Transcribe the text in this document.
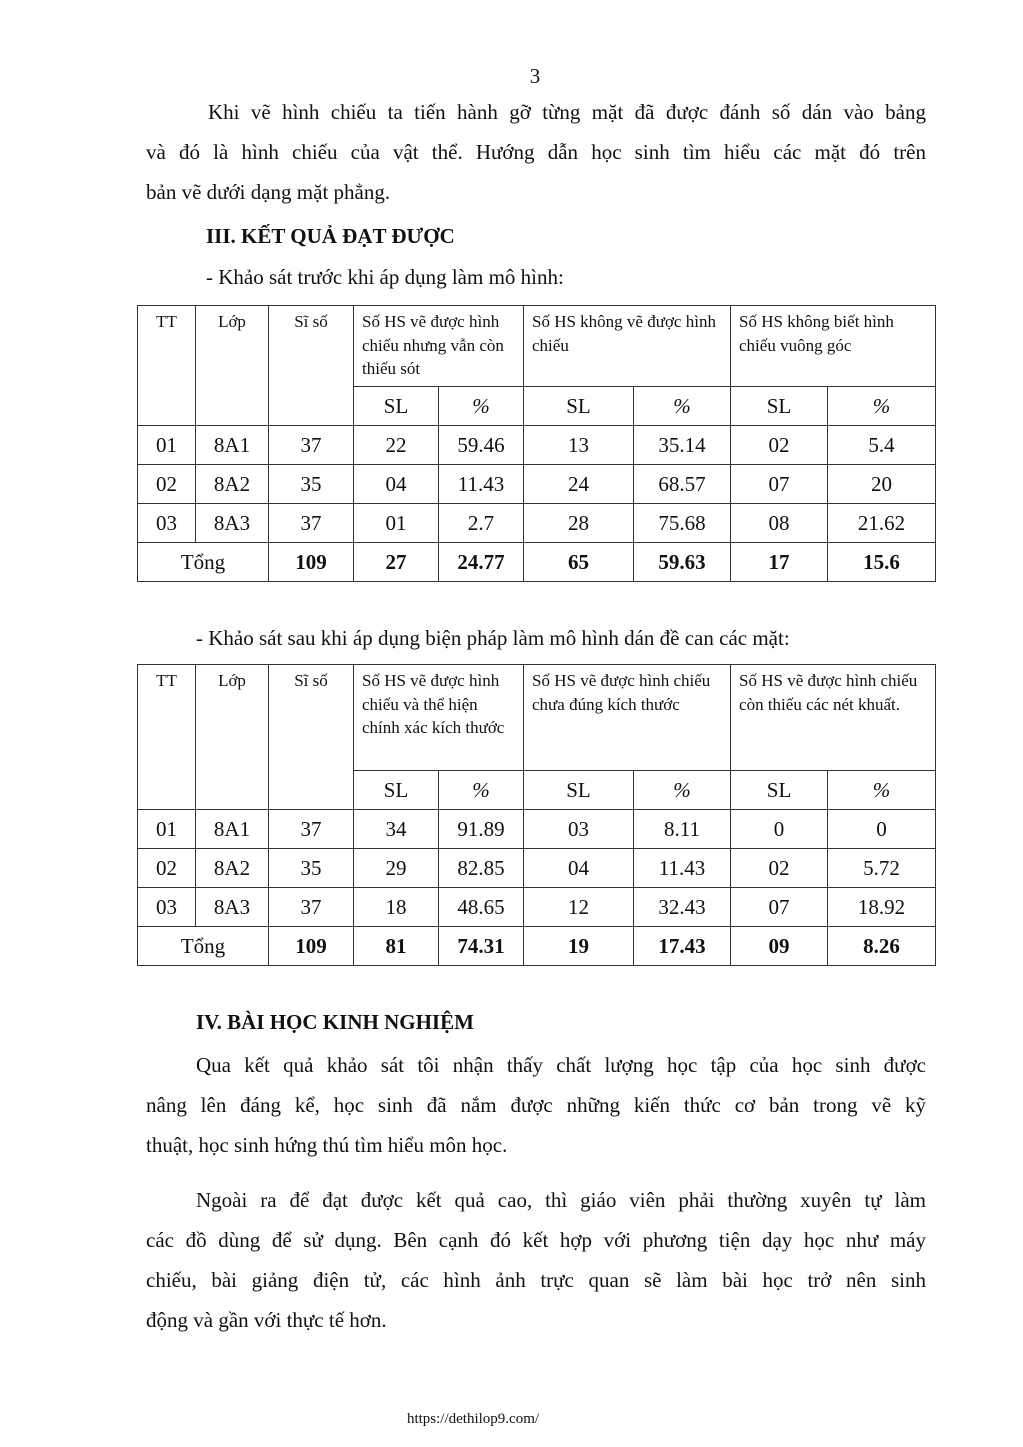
3
Khi vẽ hình chiếu ta tiến hành gỡ từng mặt đã được đánh số dán vào bảng
và đó là hình chiếu của vật thể. Hướng dẫn học sinh tìm hiểu các mặt đó trên
bản vẽ dưới dạng mặt phẳng.
III. KẾT QUẢ ĐẠT ĐƯỢC
- Khảo sát trước khi áp dụng làm mô hình:
TT	Lớp	Sĩ số	Số HS vẽ được hình chiếu nhưng vẫn còn thiếu sót		Số HS không vẽ được hình chiếu		Số HS không biết hình chiếu vuông góc	
			SL	%	SL	%	SL	%
01	8A1	37	22	59.46	13	35.14	02	5.4
02	8A2	35	04	11.43	24	68.57	07	20
03	8A3	37	01	2.7	28	75.68	08	21.62
Tổng		109	27	24.77	65	59.63	17	15.6
- Khảo sát sau khi áp dụng biện pháp làm mô hình dán đề can các mặt:
TT	Lớp	Sĩ số	Số HS vẽ được hình chiếu và thể hiện chính xác kích thước		Số HS vẽ được hình chiếu chưa đúng kích thước		Số HS vẽ được hình chiếu còn thiếu các nét khuất.	
			SL	%	SL	%	SL	%
01	8A1	37	34	91.89	03	8.11	0	0
02	8A2	35	29	82.85	04	11.43	02	5.72
03	8A3	37	18	48.65	12	32.43	07	18.92
Tổng		109	81	74.31	19	17.43	09	8.26
IV. BÀI HỌC KINH NGHIỆM
Qua kết quả khảo sát tôi nhận thấy chất lượng học tập của học sinh được
nâng lên đáng kể, học sinh đã nắm được những kiến thức cơ bản trong vẽ kỹ
thuật, học sinh hứng thú tìm hiểu môn học.
Ngoài ra để đạt được kết quả cao, thì giáo viên phải thường xuyên tự làm
các đồ dùng để sử dụng. Bên cạnh đó kết hợp với phương tiện dạy học như máy
chiếu, bài giảng điện tử, các hình ảnh trực quan sẽ làm bài học trở nên sinh
động và gần với thực tế hơn.
https://dethilop9.com/
